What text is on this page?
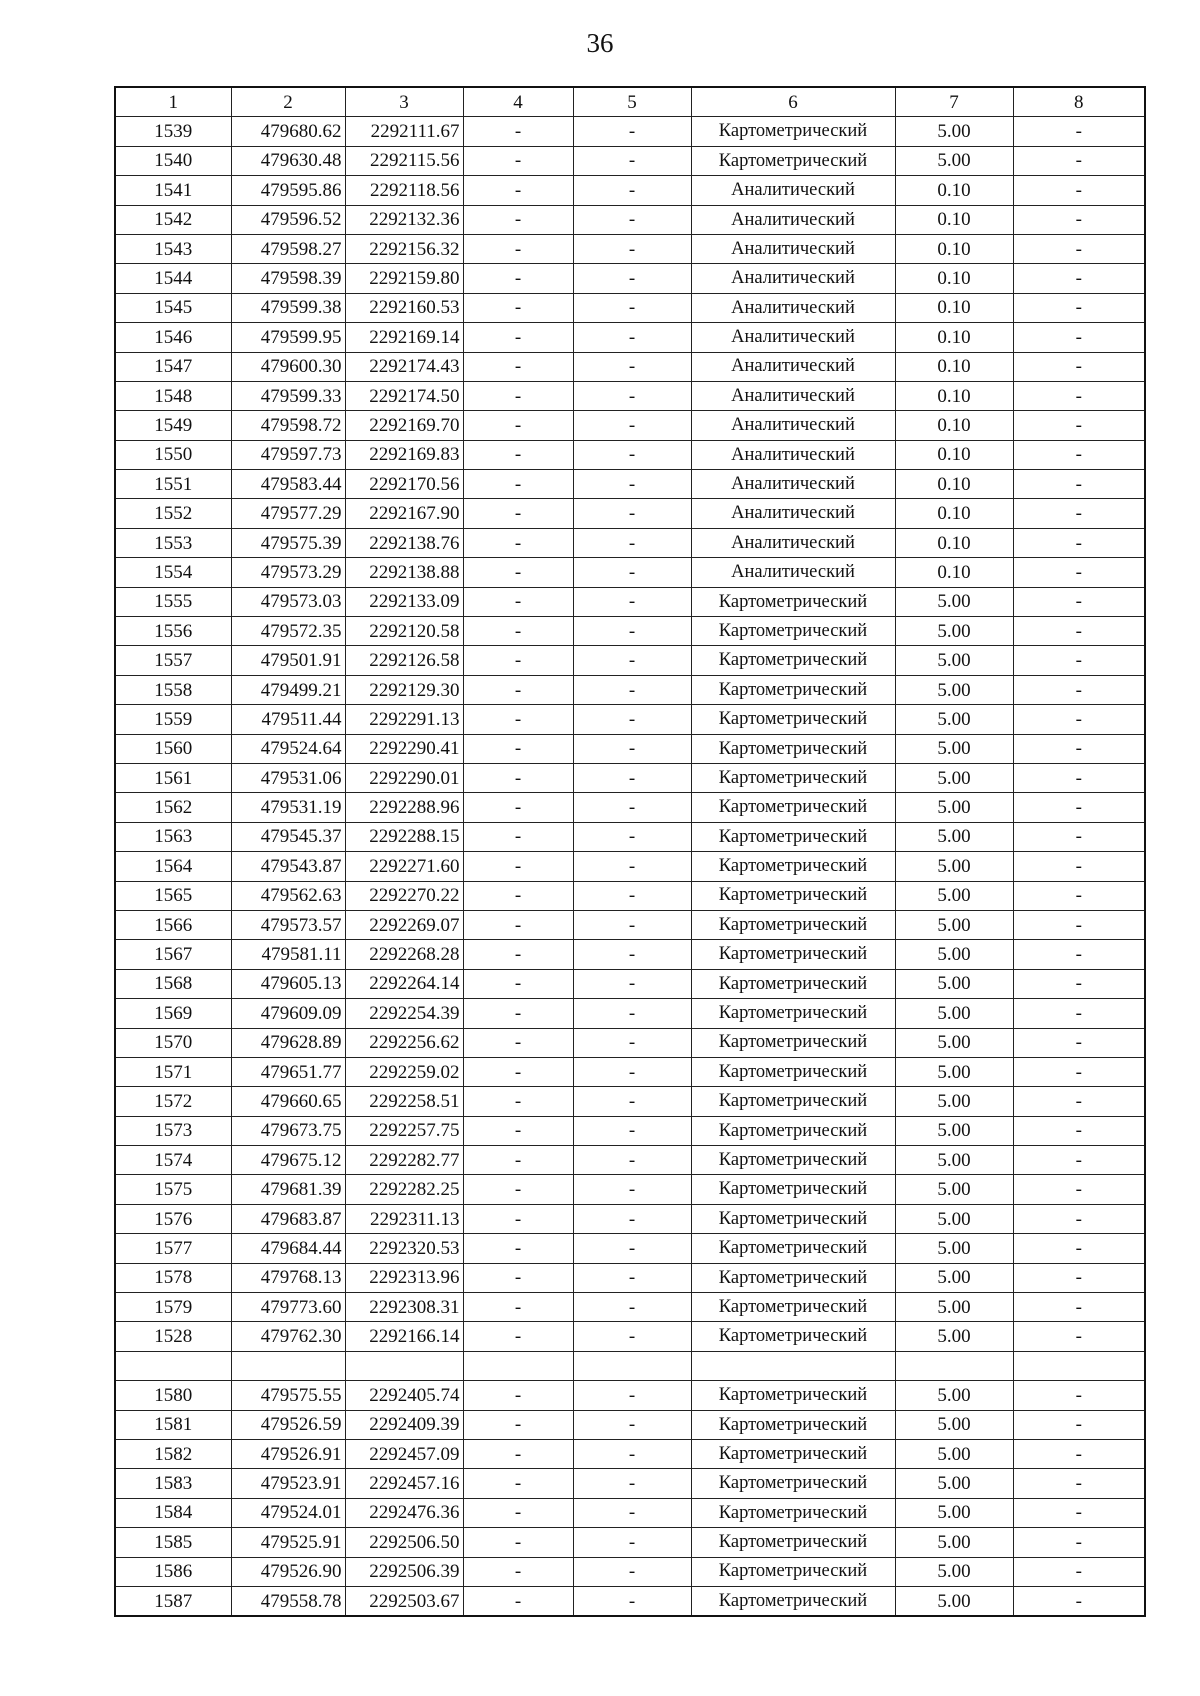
36
1	2	3	4	5	6	7	8
1539	479680.62	2292111.67	-	-	Картометрический	5.00	-
1540	479630.48	2292115.56	-	-	Картометрический	5.00	-
1541	479595.86	2292118.56	-	-	Аналитический	0.10	-
1542	479596.52	2292132.36	-	-	Аналитический	0.10	-
1543	479598.27	2292156.32	-	-	Аналитический	0.10	-
1544	479598.39	2292159.80	-	-	Аналитический	0.10	-
1545	479599.38	2292160.53	-	-	Аналитический	0.10	-
1546	479599.95	2292169.14	-	-	Аналитический	0.10	-
1547	479600.30	2292174.43	-	-	Аналитический	0.10	-
1548	479599.33	2292174.50	-	-	Аналитический	0.10	-
1549	479598.72	2292169.70	-	-	Аналитический	0.10	-
1550	479597.73	2292169.83	-	-	Аналитический	0.10	-
1551	479583.44	2292170.56	-	-	Аналитический	0.10	-
1552	479577.29	2292167.90	-	-	Аналитический	0.10	-
1553	479575.39	2292138.76	-	-	Аналитический	0.10	-
1554	479573.29	2292138.88	-	-	Аналитический	0.10	-
1555	479573.03	2292133.09	-	-	Картометрический	5.00	-
1556	479572.35	2292120.58	-	-	Картометрический	5.00	-
1557	479501.91	2292126.58	-	-	Картометрический	5.00	-
1558	479499.21	2292129.30	-	-	Картометрический	5.00	-
1559	479511.44	2292291.13	-	-	Картометрический	5.00	-
1560	479524.64	2292290.41	-	-	Картометрический	5.00	-
1561	479531.06	2292290.01	-	-	Картометрический	5.00	-
1562	479531.19	2292288.96	-	-	Картометрический	5.00	-
1563	479545.37	2292288.15	-	-	Картометрический	5.00	-
1564	479543.87	2292271.60	-	-	Картометрический	5.00	-
1565	479562.63	2292270.22	-	-	Картометрический	5.00	-
1566	479573.57	2292269.07	-	-	Картометрический	5.00	-
1567	479581.11	2292268.28	-	-	Картометрический	5.00	-
1568	479605.13	2292264.14	-	-	Картометрический	5.00	-
1569	479609.09	2292254.39	-	-	Картометрический	5.00	-
1570	479628.89	2292256.62	-	-	Картометрический	5.00	-
1571	479651.77	2292259.02	-	-	Картометрический	5.00	-
1572	479660.65	2292258.51	-	-	Картометрический	5.00	-
1573	479673.75	2292257.75	-	-	Картометрический	5.00	-
1574	479675.12	2292282.77	-	-	Картометрический	5.00	-
1575	479681.39	2292282.25	-	-	Картометрический	5.00	-
1576	479683.87	2292311.13	-	-	Картометрический	5.00	-
1577	479684.44	2292320.53	-	-	Картометрический	5.00	-
1578	479768.13	2292313.96	-	-	Картометрический	5.00	-
1579	479773.60	2292308.31	-	-	Картометрический	5.00	-
1528	479762.30	2292166.14	-	-	Картометрический	5.00	-

1580	479575.55	2292405.74	-	-	Картометрический	5.00	-
1581	479526.59	2292409.39	-	-	Картометрический	5.00	-
1582	479526.91	2292457.09	-	-	Картометрический	5.00	-
1583	479523.91	2292457.16	-	-	Картометрический	5.00	-
1584	479524.01	2292476.36	-	-	Картометрический	5.00	-
1585	479525.91	2292506.50	-	-	Картометрический	5.00	-
1586	479526.90	2292506.39	-	-	Картометрический	5.00	-
1587	479558.78	2292503.67	-	-	Картометрический	5.00	-
